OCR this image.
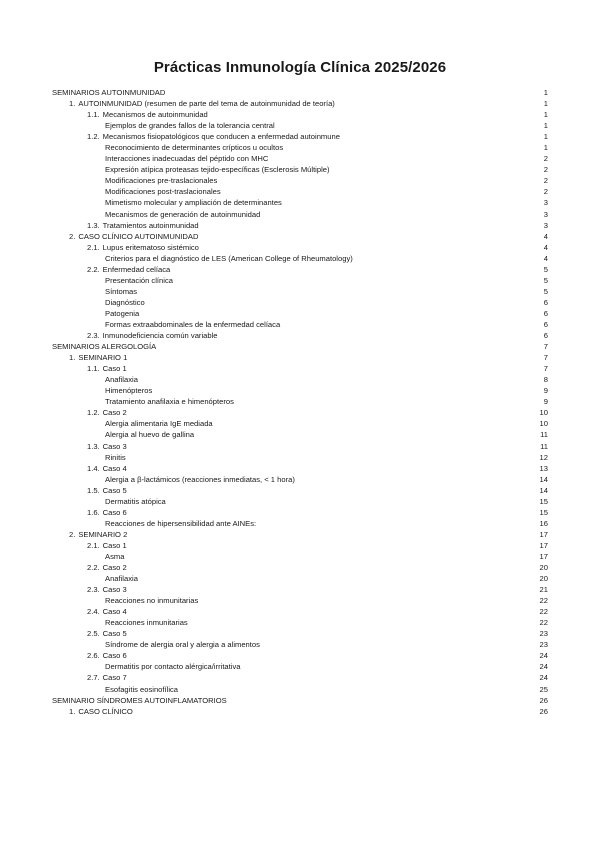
Prácticas Inmunología Clínica 2025/2026
SEMINARIOS AUTOINMUNIDAD	1
1. AUTOINMUNIDAD (resumen de parte del tema de autoinmunidad de teoría)	1
1.1. Mecanismos de autoinmunidad	1
Ejemplos de grandes fallos de la tolerancia central	1
1.2. Mecanismos fisiopatológicos que conducen a enfermedad autoinmune	1
Reconocimiento de determinantes crípticos u ocultos	1
Interacciones inadecuadas del péptido con MHC	2
Expresión atípica proteasas tejido-específicas (Esclerosis Múltiple)	2
Modificaciones pre-traslacionales	2
Modificaciones post-traslacionales	2
Mimetismo molecular y ampliación de determinantes	3
Mecanismos de generación de autoinmunidad	3
1.3. Tratamientos autoinmunidad	3
2. CASO CLÍNICO AUTOINMUNIDAD	4
2.1. Lupus eritematoso sistémico	4
Criterios para el diagnóstico de LES (American College of Rheumatology)	4
2.2. Enfermedad celíaca	5
Presentación clínica	5
Síntomas	5
Diagnóstico	6
Patogenia	6
Formas extraabdominales de la enfermedad celíaca	6
2.3. Inmunodeficiencia común variable	6
SEMINARIOS ALERGOLOGÍA	7
1. SEMINARIO 1	7
1.1. Caso 1	7
Anafilaxia	8
Himenópteros	9
Tratamiento anafilaxia e himenópteros	9
1.2. Caso 2	10
Alergia alimentaria IgE mediada	10
Alergia al huevo de gallina	11
1.3. Caso 3	11
Rinitis	12
1.4. Caso 4	13
Alergia a β-lactámicos (reacciones inmediatas, < 1 hora)	14
1.5. Caso 5	14
Dermatitis atópica	15
1.6. Caso 6	15
Reacciones de hipersensibilidad ante AINEs:	16
2. SEMINARIO 2	17
2.1. Caso 1	17
Asma	17
2.2. Caso 2	20
Anafilaxia	20
2.3. Caso 3	21
Reacciones no inmunitarias	22
2.4. Caso 4	22
Reacciones inmunitarias	22
2.5. Caso 5	23
Síndrome de alergia oral y alergia a alimentos	23
2.6. Caso 6	24
Dermatitis por contacto alérgica/irritativa	24
2.7. Caso 7	24
Esofagitis eosinofílica	25
SEMINARIO SÍNDROMES AUTOINFLAMATORIOS	26
1. CASO CLÍNICO	26
